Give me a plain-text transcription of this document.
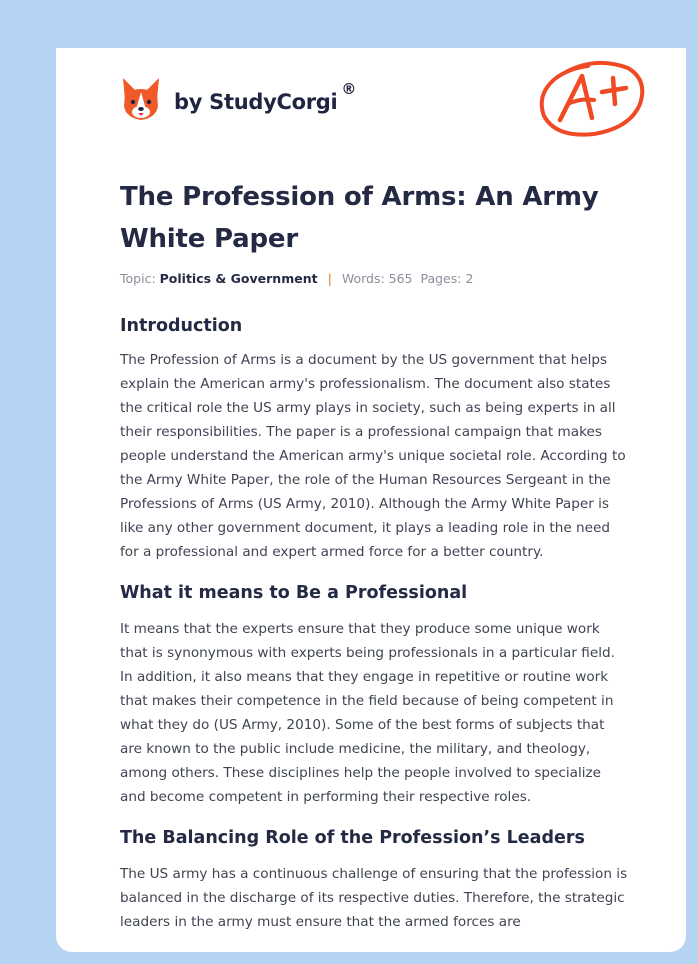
by StudyCorgi
®
A+
The Profession of Arms: An Army White Paper
Topic: Politics & Government | Words: 565 Pages: 2
Introduction

The Profession of Arms is a document by the US government that helps explain the American army's professionalism. The document also states the critical role the US army plays in society, such as being experts in all their responsibilities. The paper is a professional campaign that makes people understand the American army's unique societal role. According to the Army White Paper, the role of the Human Resources Sergeant in the Professions of Arms (US Army, 2010). Although the Army White Paper is like any other government document, it plays a leading role in the need for a professional and expert armed force for a better country.

What it means to Be a Professional

It means that the experts ensure that they produce some unique work that is synonymous with experts being professionals in a particular field. In addition, it also means that they engage in repetitive or routine work that makes their competence in the field because of being competent in what they do (US Army, 2010). Some of the best forms of subjects that are known to the public include medicine, the military, and theology, among others. These disciplines help the people involved to specialize and become competent in performing their respective roles.

The Balancing Role of the Profession’s Leaders

The US army has a continuous challenge of ensuring that the profession is balanced in the discharge of its respective duties. Therefore, the strategic leaders in the army must ensure that the armed forces are
